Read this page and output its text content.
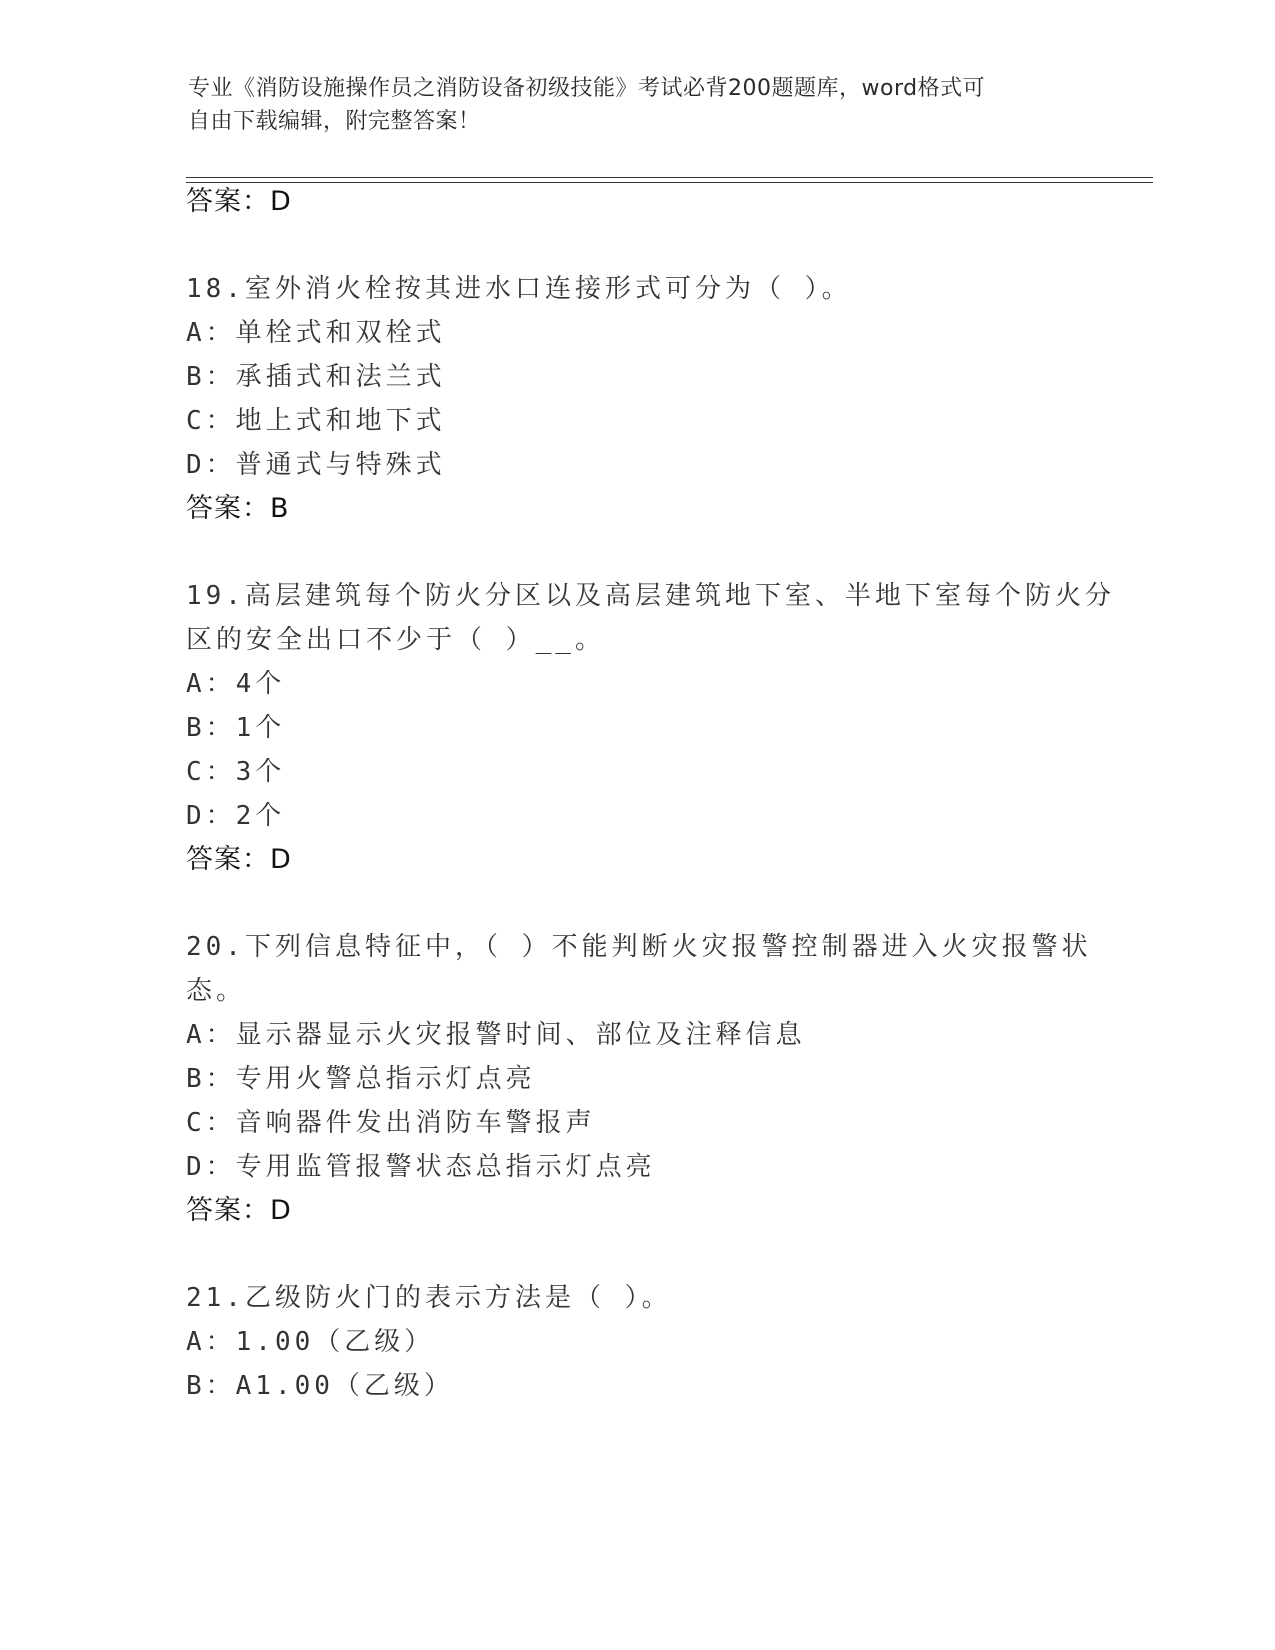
专业《消防设施操作员之消防设备初级技能》考试必背200题题库，word格式可
自由下载编辑，附完整答案！
答案：D
18.室外消火栓按其进水口连接形式可分为（ ）。
A：单栓式和双栓式
B：承插式和法兰式
C：地上式和地下式
D：普通式与特殊式
答案：B
19.高层建筑每个防火分区以及高层建筑地下室、半地下室每个防火分
区的安全出口不少于（ ）__。
A：4个
B：1个
C：3个
D：2个
答案：D
20.下列信息特征中，（ ）不能判断火灾报警控制器进入火灾报警状
态。
A：显示器显示火灾报警时间、部位及注释信息
B：专用火警总指示灯点亮
C：音响器件发出消防车警报声
D：专用监管报警状态总指示灯点亮
答案：D
21.乙级防火门的表示方法是（ ）。
A：1.00（乙级）
B：A1.00（乙级）
